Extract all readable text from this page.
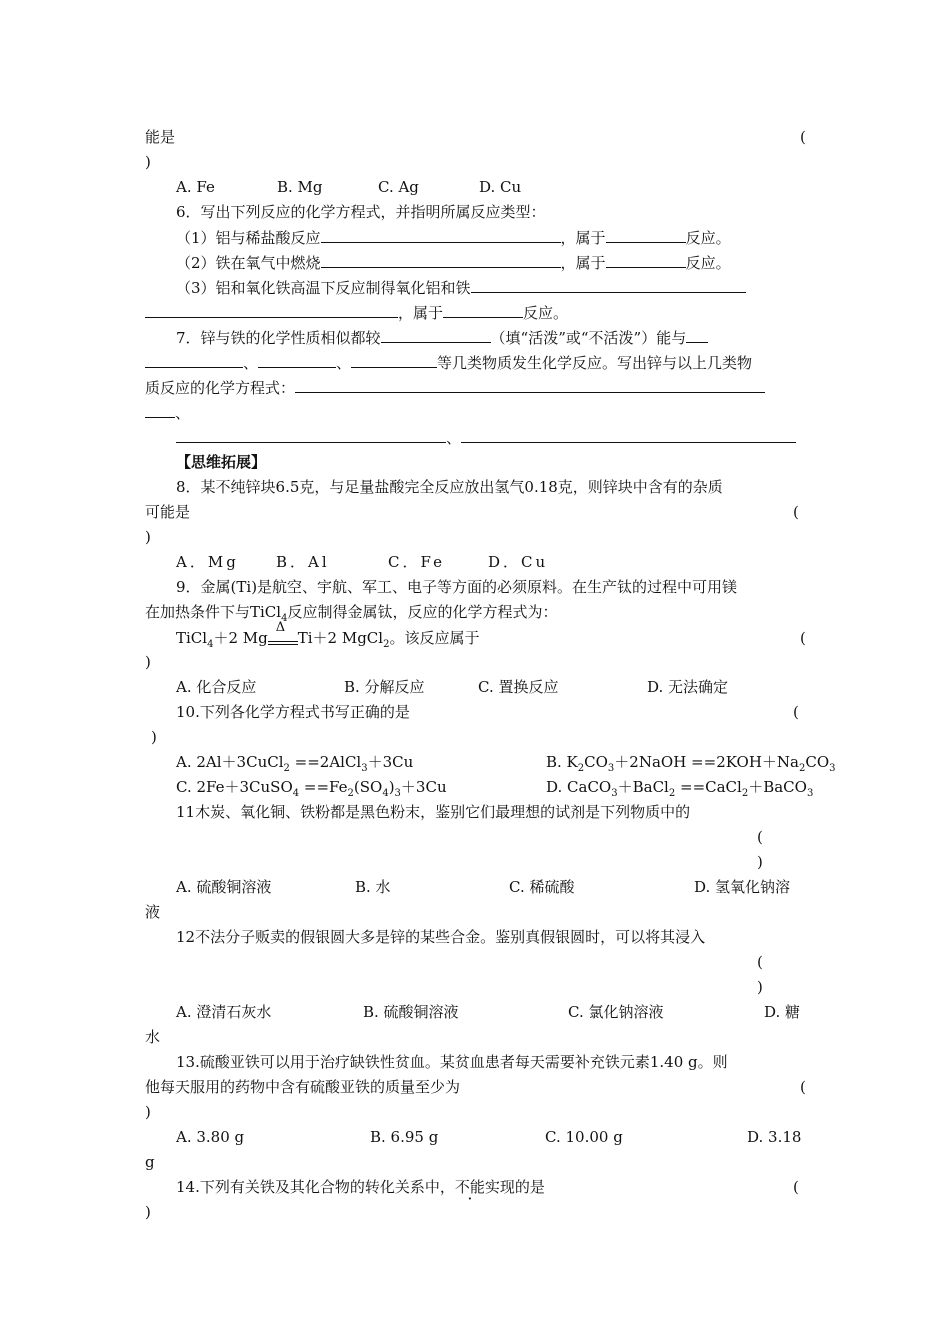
能是	(
)
A. Fe	B. Mg	C. Ag	D. Cu
6．写出下列反应的化学方程式，并指明所属反应类型：
（1）铝与稀盐酸反应	，属于	反应。
（2）铁在氧气中燃烧	，属于	反应。
（3）铝和氧化铁高温下反应制得氧化铝和铁
，属于	反应。
7．锌与铁的化学性质相似都较	（填“活泼”或“不活泼”）能与
、	、	等几类物质发生化学反应。写出锌与以上几类物
质反应的化学方程式：
、
、
【思维拓展】
8．某不纯锌块6.5克，与足量盐酸完全反应放出氢气0.18克，则锌块中含有的杂质
可能是	(
)
A．Mg B．Al	C．Fe	D．Cu
9．金属(Ti)是航空、宇航、军工、电子等方面的必须原料。在生产钛的过程中可用镁
在加热条件下与TiCl$_4$反应制得金属钛，反应的化学方程式为：
TiCl$_4$＋2 Mg
Δ
Ti＋2 MgCl$_2$。该反应属于	(
)
A. 化合反应	B. 分解反应	C. 置换反应	D. 无法确定
10.下列各化学方程式书写正确的是	(
)
A. 2Al＋3CuCl$_2$ ==2AlCl$_3$＋3Cu	B. $K_2CO_3+2NaOH ==2KOH+Na_2CO_3$
C. 2Fe＋3CuSO$_4$ $==Fe_2(SO_4)_3+3Cu$	D. CaCO$_3$＋BaCl$_2$ ==CaCl$_2$＋BaCO$_3$
11木炭、氧化铜、铁粉都是黑色粉末，鉴别它们最理想的试剂是下列物质中的
(
)
A. 硫酸铜溶液	B. 水	C. 稀硫酸	D. 氢氧化钠溶
液
12不法分子贩卖的假银圆大多是锌的某些合金。鉴别真假银圆时，可以将其浸入
(
)
A. 澄清石灰水	B. 硫酸铜溶液	C. 氯化钠溶液	D. 糖
水
13.硫酸亚铁可以用于治疗缺铁性贫血。某贫血患者每天需要补充铁元素1.40 g。则
他每天服用的药物中含有硫酸亚铁的质量至少为	(
)
A. 3.80 g	B. 6.95 g	C. 10.00 g	D. 3.18
g
14.下列有关铁及其化合物的转化关系中，不能实现的是	(
)
